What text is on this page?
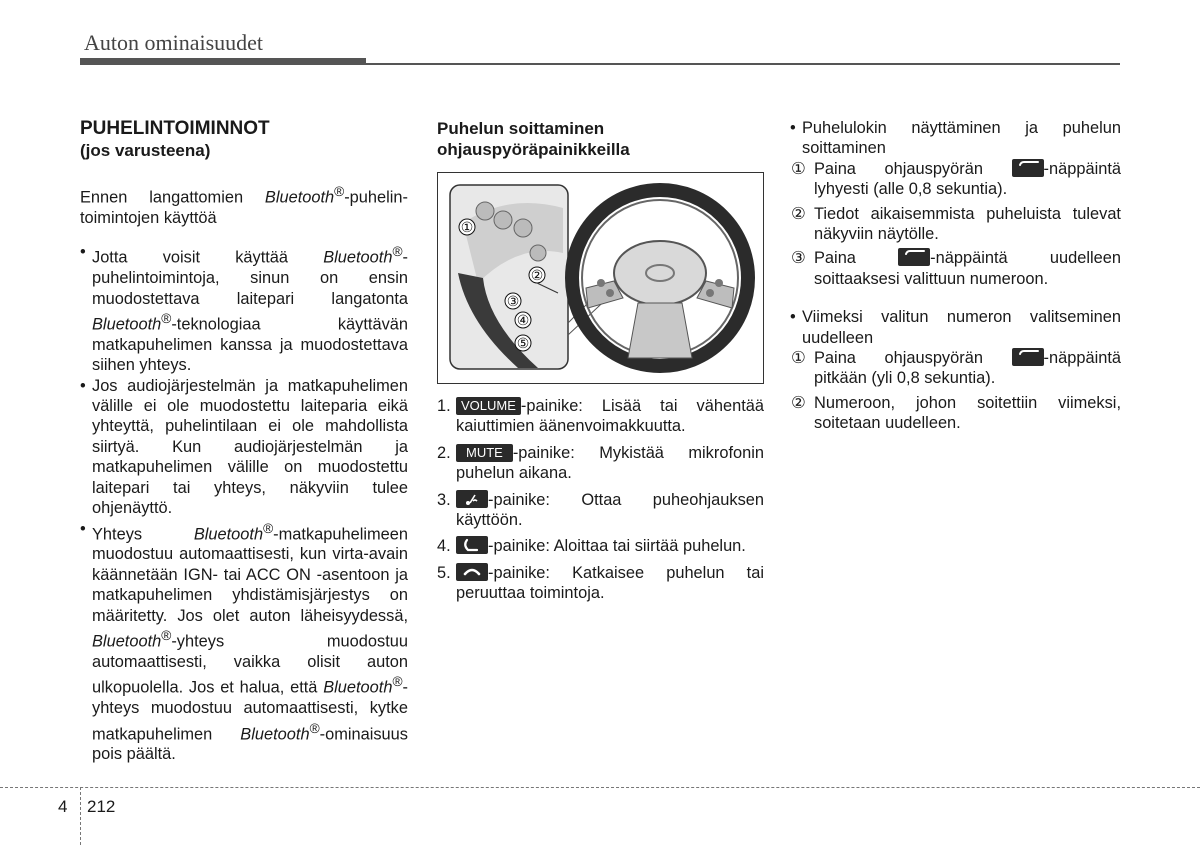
Auton ominaisuudet

PUHELINTOIMINNOT

(jos varusteena)

Ennen langattomien Bluetooth®-puhelin-toimintojen käyttöä

• Jotta voisit käyttää Bluetooth®-puhelintoimintoja, sinun on ensin muodostettava laitepari langatonta Bluetooth®-teknologiaa käyttävän matkapuhelimen kanssa ja muodostettava siihen yhteys.
• Jos audiojärjestelmän ja matkapuhelimen välille ei ole muodostettu laiteparia eikä yhteyttä, puhelintilaan ei ole mahdollista siirtyä. Kun audiojärjestelmän ja matkapuhelimen välille on muodostettu laitepari tai yhteys, näkyviin tulee ohjenäyttö.
• Yhteys Bluetooth®-matkapuhelimeen muodostuu automaattisesti, kun virta-avain käännetään IGN- tai ACC ON -asentoon ja matkapuhelimen yhdistämisjärjestys on määritetty. Jos olet auton läheisyydessä, Bluetooth®-yhteys muodostuu automaattisesti, vaikka olisit auton ulkopuolella. Jos et halua, että Bluetooth®-yhteys muodostuu automaattisesti, kytke matkapuhelimen Bluetooth®-ominaisuus pois päältä.

Puhelun soittaminen
ohjauspyöräpainikkeilla

①
②
③
④
⑤
1. VOLUME -painike: Lisää tai vähentää kaiuttimien äänenvoimakkuutta.
2. MUTE -painike: Mykistää mikrofonin puhelun aikana.
3. -painike: Ottaa puheohjauksen käyttöön.
4. -painike: Aloittaa tai siirtää puhelun.
5. -painike: Katkaisee puhelun tai peruuttaa toimintoja.
• Puhelulokin näyttäminen ja puhelun soittaminen

① Paina ohjauspyörän
-näppäintä lyhyesti (alle 0,8 sekuntia).

② Tiedot aikaisemmista puheluista tulevat näkyviin näytölle.

③ Paina
-näppäintä uudelleen soittaaksesi valittuun numeroon.

• Viimeksi valitun numeron valitseminen uudelleen

① Paina ohjauspyörän
-näppäintä pitkään (yli 0,8 sekuntia).

② Numeroon, johon soitettiin viimeksi, soitetaan uudelleen.

4 212
